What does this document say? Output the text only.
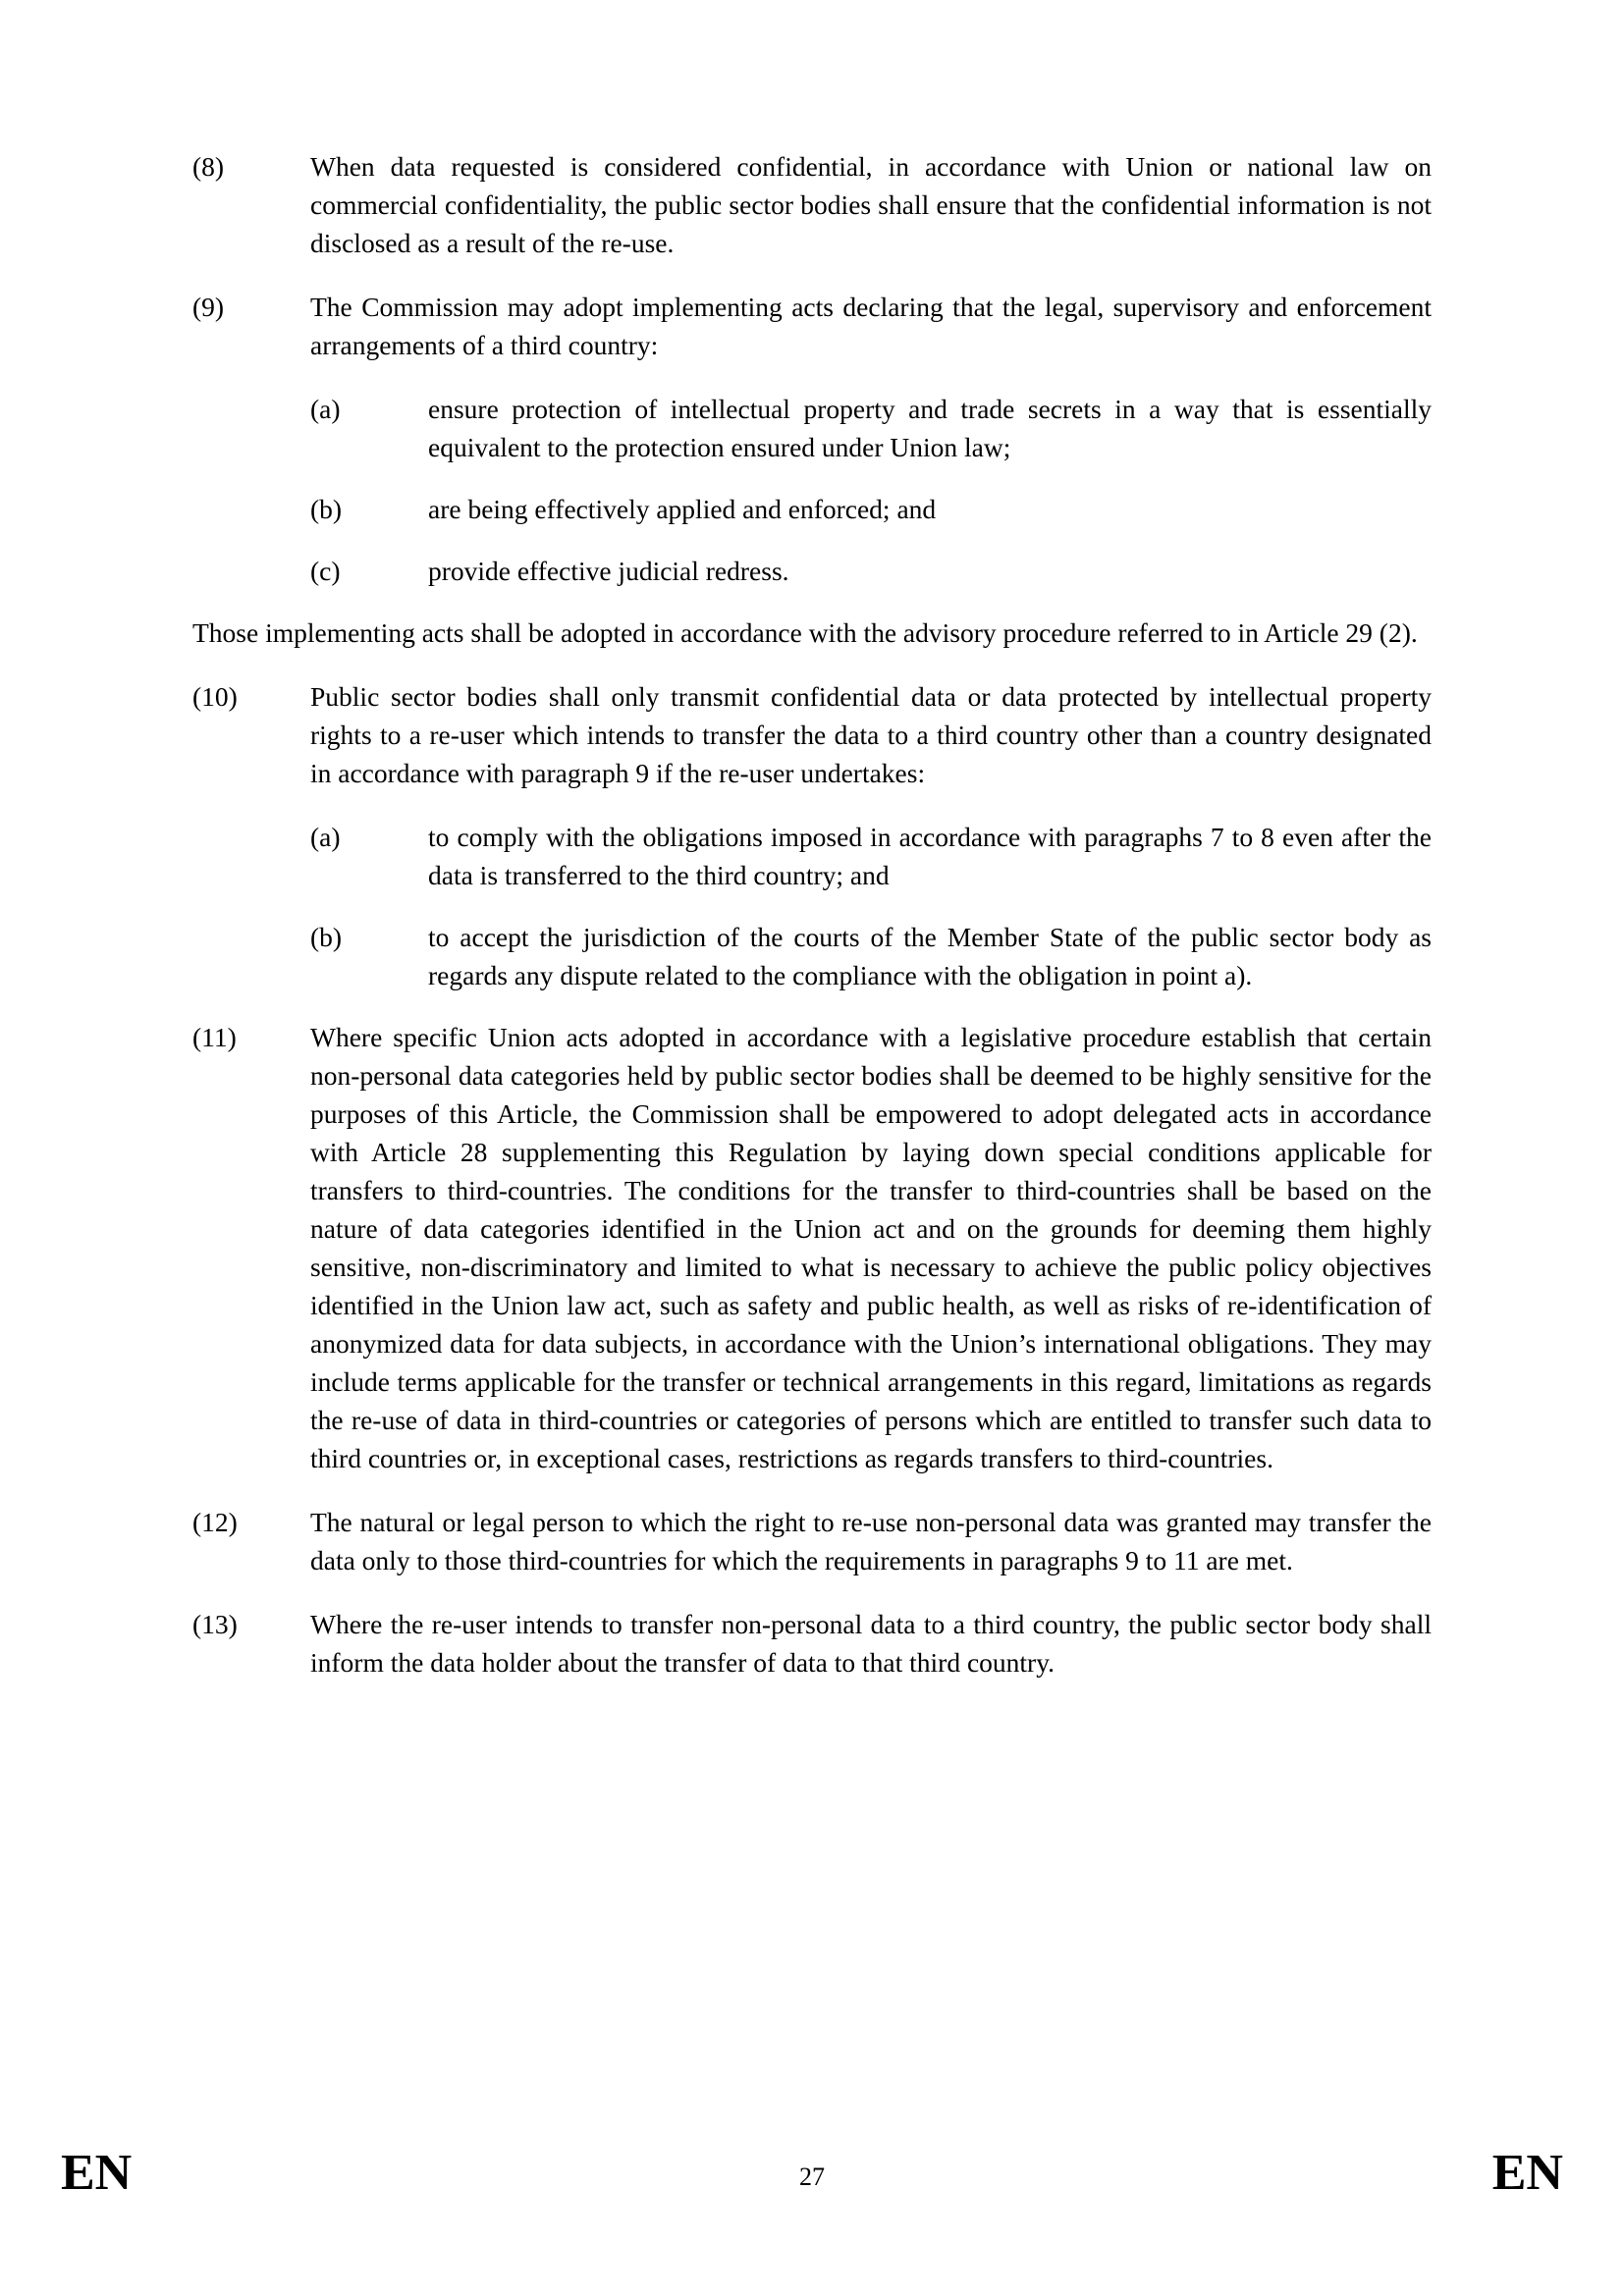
(8)	When data requested is considered confidential, in accordance with Union or national law on commercial confidentiality, the public sector bodies shall ensure that the confidential information is not disclosed as a result of the re-use.
(9)	The Commission may adopt implementing acts declaring that the legal, supervisory and enforcement arrangements of a third country:
(a)	ensure protection of intellectual property and trade secrets in a way that is essentially equivalent to the protection ensured under Union law;
(b)	are being effectively applied and enforced; and
(c)	provide effective judicial redress.

Those implementing acts shall be adopted in accordance with the advisory procedure referred to in Article 29 (2).

(10)	Public sector bodies shall only transmit confidential data or data protected by intellectual property rights to a re-user which intends to transfer the data to a third country other than a country designated in accordance with paragraph 9 if the re-user undertakes:
(a)	to comply with the obligations imposed in accordance with paragraphs 7 to 8 even after the data is transferred to the third country; and
(b)	to accept the jurisdiction of the courts of the Member State of the public sector body as regards any dispute related to the compliance with the obligation in point a).
(11)	Where specific Union acts adopted in accordance with a legislative procedure establish that certain non-personal data categories held by public sector bodies shall be deemed to be highly sensitive for the purposes of this Article, the Commission shall be empowered to adopt delegated acts in accordance with Article 28 supplementing this Regulation by laying down special conditions applicable for transfers to third-countries. The conditions for the transfer to third-countries shall be based on the nature of data categories identified in the Union act and on the grounds for deeming them highly sensitive, non-discriminatory and limited to what is necessary to achieve the public policy objectives identified in the Union law act, such as safety and public health, as well as risks of re-identification of anonymized data for data subjects, in accordance with the Union’s international obligations. They may include terms applicable for the transfer or technical arrangements in this regard, limitations as regards the re-use of data in third-countries or categories of persons which are entitled to transfer such data to third countries or, in exceptional cases, restrictions as regards transfers to third-countries.
(12)	The natural or legal person to which the right to re-use non-personal data was granted may transfer the data only to those third-countries for which the requirements in paragraphs 9 to 11 are met.
(13)	Where the re-user intends to transfer non-personal data to a third country, the public sector body shall inform the data holder about the transfer of data to that third country.
EN	27	EN
